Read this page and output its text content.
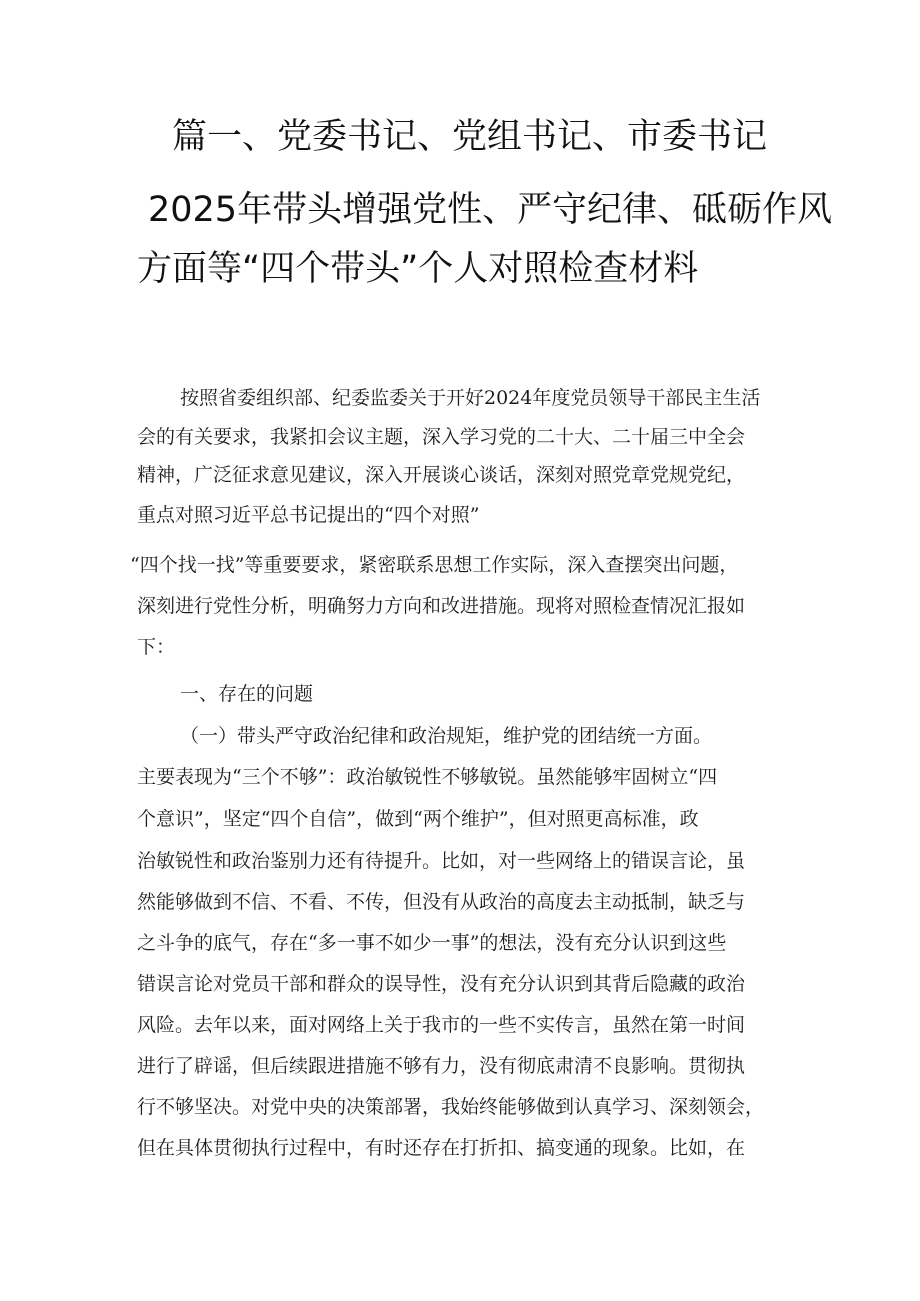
篇一、党委书记、党组书记、市委书记
2025年带头增强党性、严守纪律、砥砺作风
方面等“四个带头”个人对照检查材料

按照省委组织部、纪委监委关于开好2024年度党员领导干部民主生活

会的有关要求，我紧扣会议主题，深入学习党的二十大、二十届三中全会

精神，广泛征求意见建议，深入开展谈心谈话，深刻对照党章党规党纪，

重点对照习近平总书记提出的“四个对照”

“四个找一找”等重要要求，紧密联系思想工作实际，深入查摆突出问题，

深刻进行党性分析，明确努力方向和改进措施。现将对照检查情况汇报如

下：

一、存在的问题

（一）带头严守政治纪律和政治规矩，维护党的团结统一方面。

主要表现为“三个不够”：政治敏锐性不够敏锐。虽然能够牢固树立“四

个意识”，坚定“四个自信”，做到“两个维护”，但对照更高标准，政

治敏锐性和政治鉴别力还有待提升。比如，对一些网络上的错误言论，虽

然能够做到不信、不看、不传，但没有从政治的高度去主动抵制，缺乏与

之斗争的底气，存在“多一事不如少一事”的想法，没有充分认识到这些

错误言论对党员干部和群众的误导性，没有充分认识到其背后隐藏的政治

风险。去年以来，面对网络上关于我市的一些不实传言，虽然在第一时间

进行了辟谣，但后续跟进措施不够有力，没有彻底肃清不良影响。贯彻执

行不够坚决。对党中央的决策部署，我始终能够做到认真学习、深刻领会，

但在具体贯彻执行过程中，有时还存在打折扣、搞变通的现象。比如，在
